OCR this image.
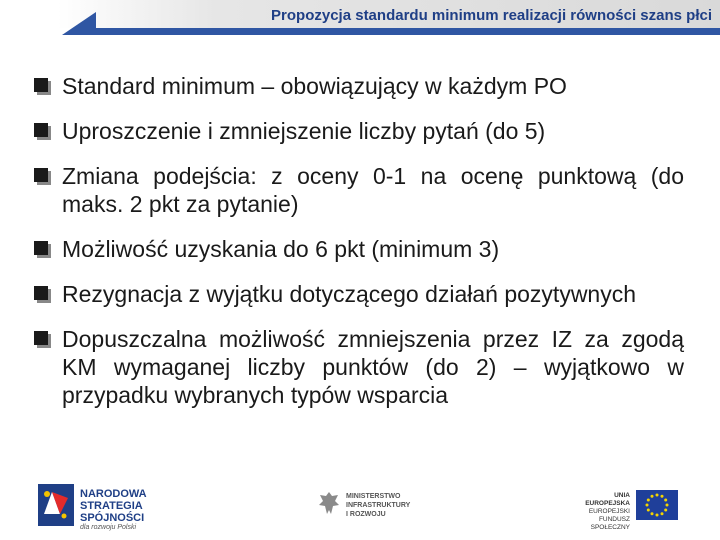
Propozycja standardu minimum realizacji równości szans płci
Standard minimum – obowiązujący w każdym PO
Uproszczenie i zmniejszenie liczby pytań (do 5)
Zmiana podejścia: z oceny 0-1 na ocenę punktową (do maks. 2 pkt za pytanie)
Możliwość uzyskania do 6 pkt (minimum 3)
Rezygnacja z wyjątku dotyczącego działań pozytywnych
Dopuszczalna możliwość zmniejszenia przez IZ za zgodą KM wymaganej liczby punktów (do 2) – wyjątkowo w przypadku wybranych typów wsparcia
NARODOWA
STRATEGIA SPÓJNOŚCI
dla rozwoju Polski
MINISTERSTWO
INFRASTRUKTURY
I ROZWOJU
UNIA EUROPEJSKA
EUROPEJSKI
FUNDUSZ SPOŁECZNY
